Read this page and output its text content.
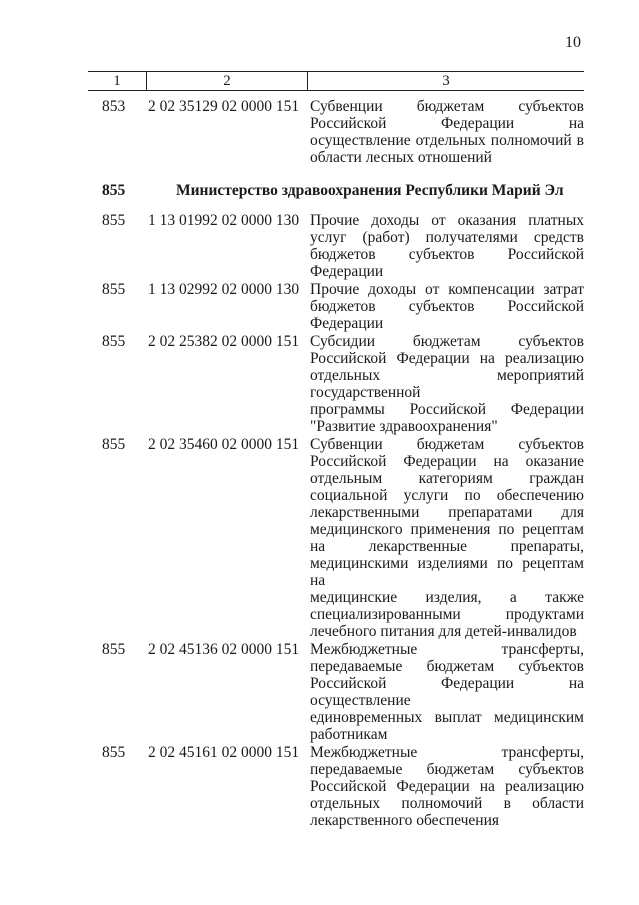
10
1	2	3
853	2 02 35129 02 0000 151 Субвенции бюджетам субъектов
Российской Федерации на
осуществление отдельных полномочий в
области лесных отношений
855	Министерство здравоохранения Республики Марий Эл
855	1 13 01992 02 0000 130 Прочие доходы от оказания платных
услуг (работ) получателями средств
бюджетов субъектов Российской
Федерации
855	1 13 02992 02 0000 130 Прочие доходы от компенсации затрат
бюджетов субъектов Российской
Федерации
855	2 02 25382 02 0000 151 Субсидии бюджетам субъектов
Российской Федерации на реализацию
отдельных мероприятий государственной
программы Российской Федерации
"Развитие здравоохранения"
855	2 02 35460 02 0000 151 Субвенции бюджетам субъектов
Российской Федерации на оказание
отдельным категориям граждан
социальной услуги по обеспечению
лекарственными препаратами для
медицинского применения по рецептам
на лекарственные препараты,
медицинскими изделиями по рецептам на
медицинские изделия, а также
специализированными продуктами
лечебного питания для детей-инвалидов
855	2 02 45136 02 0000 151 Межбюджетные трансферты,
передаваемые бюджетам субъектов
Российской Федерации на осуществление
единовременных выплат медицинским
работникам
855	2 02 45161 02 0000 151 Межбюджетные трансферты,
передаваемые бюджетам субъектов
Российской Федерации на реализацию
отдельных полномочий в области
лекарственного обеспечения
